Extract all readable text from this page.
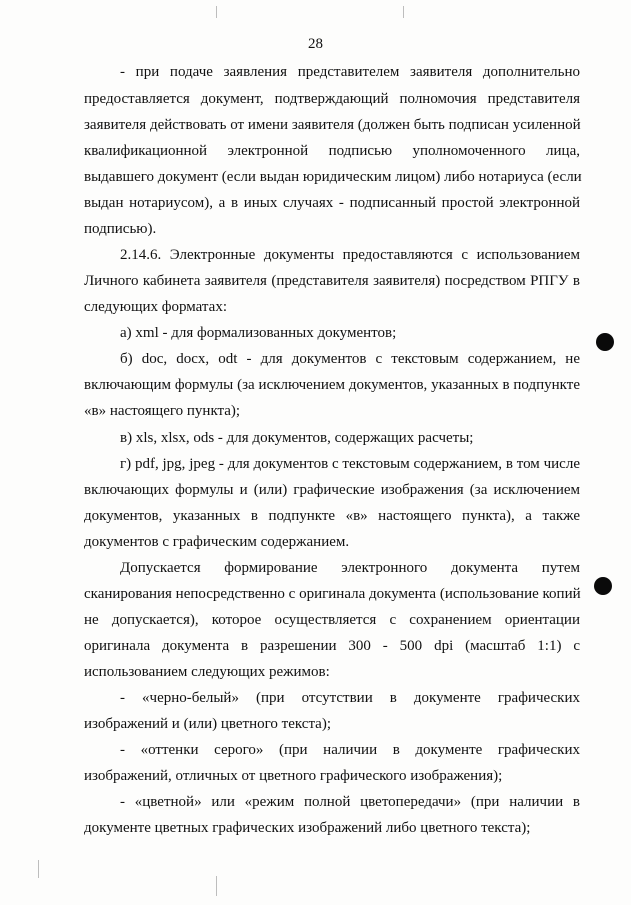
28
- при подаче заявления представителем заявителя дополнительно
предоставляется документ, подтверждающий полномочия представителя
заявителя действовать от имени заявителя (должен быть подписан усиленной
квалификационной электронной подписью уполномоченного лица,
выдавшего документ (если выдан юридическим лицом) либо нотариуса (если
выдан нотариусом), а в иных случаях - подписанный простой электронной
подписью).
2.14.6. Электронные документы предоставляются с использованием
Личного кабинета заявителя (представителя заявителя) посредством РПГУ в
следующих форматах:
а) xml - для формализованных документов;
б) doc, docx, odt - для документов с текстовым содержанием, не
включающим формулы (за исключением документов, указанных в подпункте
«в» настоящего пункта);
в) xls, xlsx, ods - для документов, содержащих расчеты;
г) pdf, jpg, jpeg - для документов с текстовым содержанием, в том числе
включающих формулы и (или) графические изображения (за исключением
документов, указанных в подпункте «в» настоящего пункта), а также
документов с графическим содержанием.
Допускается формирование электронного документа путем
сканирования непосредственно с оригинала документа (использование копий
не допускается), которое осуществляется с сохранением ориентации
оригинала документа в разрешении 300 - 500 dpi (масштаб 1:1) с
использованием следующих режимов:
- «черно-белый» (при отсутствии в документе графических
изображений и (или) цветного текста);
- «оттенки серого» (при наличии в документе графических
изображений, отличных от цветного графического изображения);
- «цветной» или «режим полной цветопередачи» (при наличии в
документе цветных графических изображений либо цветного текста);
